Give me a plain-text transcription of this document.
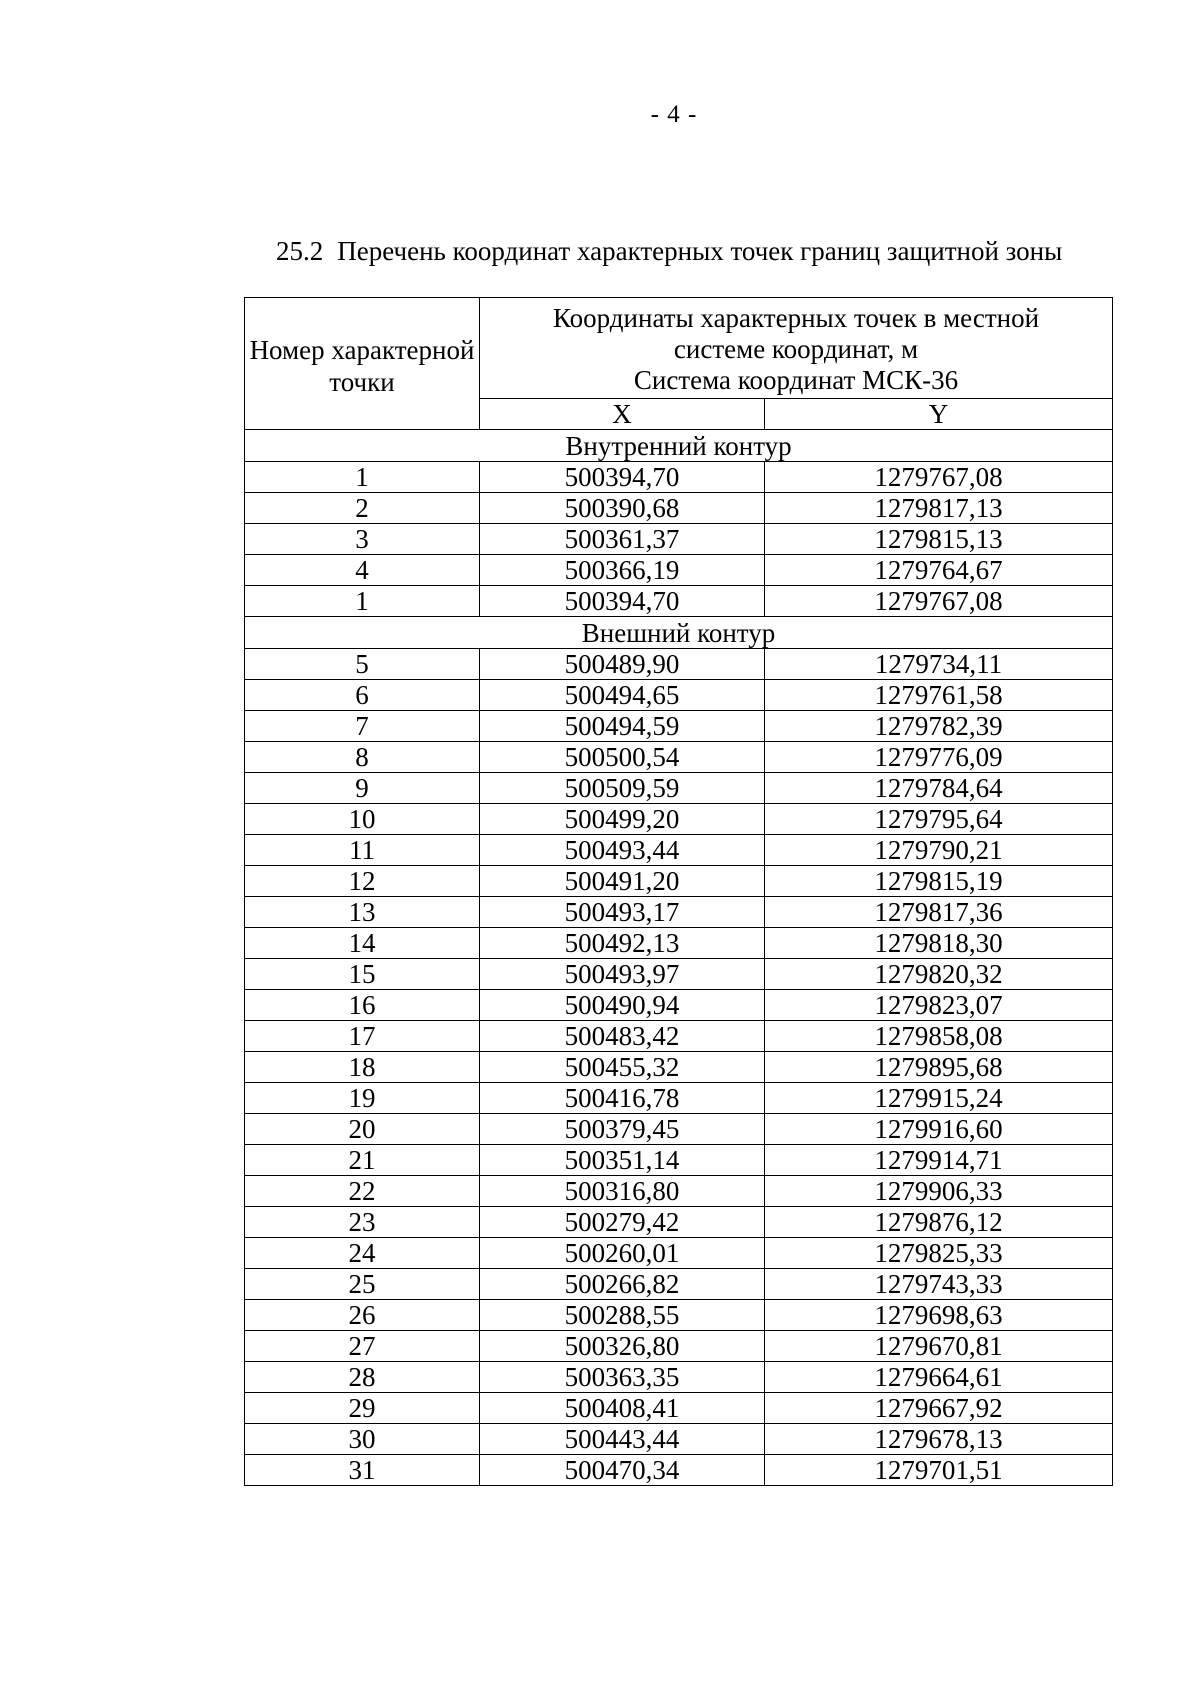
- 4 -
25.2 Перечень координат характерных точек границ защитной зоны
Номер характерной точки	Координаты характерных точек в местной
системе координат, м
Система координат МСК-36	

	X	Y
Внутренний контур		
1	500394,70	1279767,08
2	500390,68	1279817,13
3	500361,37	1279815,13
4	500366,19	1279764,67
1	500394,70	1279767,08
Внешний контур		
5	500489,90	1279734,11
6	500494,65	1279761,58
7	500494,59	1279782,39
8	500500,54	1279776,09
9	500509,59	1279784,64
10	500499,20	1279795,64
11	500493,44	1279790,21
12	500491,20	1279815,19
13	500493,17	1279817,36
14	500492,13	1279818,30
15	500493,97	1279820,32
16	500490,94	1279823,07
17	500483,42	1279858,08
18	500455,32	1279895,68
19	500416,78	1279915,24
20	500379,45	1279916,60
21	500351,14	1279914,71
22	500316,80	1279906,33
23	500279,42	1279876,12
24	500260,01	1279825,33
25	500266,82	1279743,33
26	500288,55	1279698,63
27	500326,80	1279670,81
28	500363,35	1279664,61
29	500408,41	1279667,92
30	500443,44	1279678,13
31	500470,34	1279701,51
